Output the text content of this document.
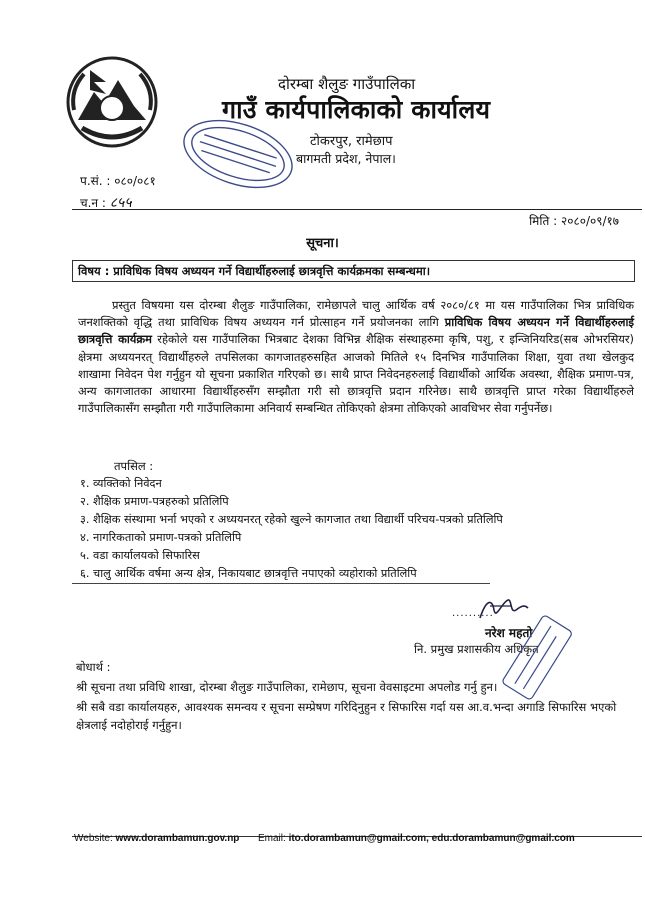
दोरम्बा शैलुङ गाउँपालिका
गाउँ कार्यपालिकाको कार्यालय
टोकरपुर, रामेछाप
बागमती प्रदेश, नेपाल।
प.सं. : ०८०/०८१
च.न : ८५५
मिति : २०८०/०९/१७
सूचना।
विषय : प्राविधिक विषय अध्ययन गर्ने विद्यार्थीहरुलाई छात्रवृत्ति कार्यक्रमका सम्बन्धमा।
प्रस्तुत विषयमा यस दोरम्बा शैलुङ गाउँपालिका, रामेछापले चालु आर्थिक वर्ष २०८०/८१ मा यस गाउँपालिका भित्र प्राविधिक जनशक्तिको वृद्धि तथा प्राविधिक विषय अध्ययन गर्न प्रोत्साहन गर्ने प्रयोजनका लागि प्राविधिक विषय अध्ययन गर्ने विद्यार्थीहरुलाई छात्रवृत्ति कार्यक्रम रहेकोले यस गाउँपालिका भित्रबाट देशका विभिन्न शैक्षिक संस्थाहरुमा कृषि, पशु, र इन्जिनियरिड(सब ओभरसियर) क्षेत्रमा अध्ययनरत् विद्यार्थीहरुले तपसिलका कागजातहरुसहित आजको मितिले १५ दिनभित्र गाउँपालिका शिक्षा, युवा तथा खेलकुद शाखामा निवेदन पेश गर्नुहुन यो सूचना प्रकाशित गरिएको छ। साथै प्राप्त निवेदनहरुलाई विद्यार्थीको आर्थिक अवस्था, शैक्षिक प्रमाण-पत्र, अन्य कागजातका आधारमा विद्यार्थीहरुसँग सम्झौता गरी सो छात्रवृत्ति प्रदान गरिनेछ। साथै छात्रवृत्ति प्राप्त गरेका विद्यार्थीहरुले गाउँपालिकासँग सम्झौता गरी गाउँपालिकामा अनिवार्य सम्बन्धित तोकिएको क्षेत्रमा तोकिएको आवधिभर सेवा गर्नुपर्नेछ।
तपसिल :
१. व्यक्तिको निवेदन
२. शैक्षिक प्रमाण-पत्रहरुको प्रतिलिपि
३. शैक्षिक संस्थामा भर्ना भएको र अध्ययनरत् रहेको खुल्ने कागजात तथा विद्यार्थी परिचय-पत्रको प्रतिलिपि
४. नागरिकताको प्रमाण-पत्रको प्रतिलिपि
५. वडा कार्यालयको सिफारिस
६. चालु आर्थिक वर्षमा अन्य क्षेत्र, निकायबाट छात्रवृत्ति नपाएको व्यहोराको प्रतिलिपि
..........
नरेश महतो
नि. प्रमुख प्रशासकीय अधिकृत
बोधार्थ :
श्री सूचना तथा प्रविधि शाखा, दोरम्बा शैलुङ गाउँपालिका, रामेछाप, सूचना वेवसाइटमा अपलोड गर्नु हुन।
श्री सबै वडा कार्यालयहरु, आवश्यक समन्वय र सूचना सम्प्रेषण गरिदिनुहुन र सिफारिस गर्दा यस आ.व.भन्दा अगाडि सिफारिस भएको क्षेत्रलाई नदोहोराई गर्नुहुन।
Website: www.dorambamun.gov.np Email: ito.dorambamun@gmail.com, edu.dorambamun@gmail.com
